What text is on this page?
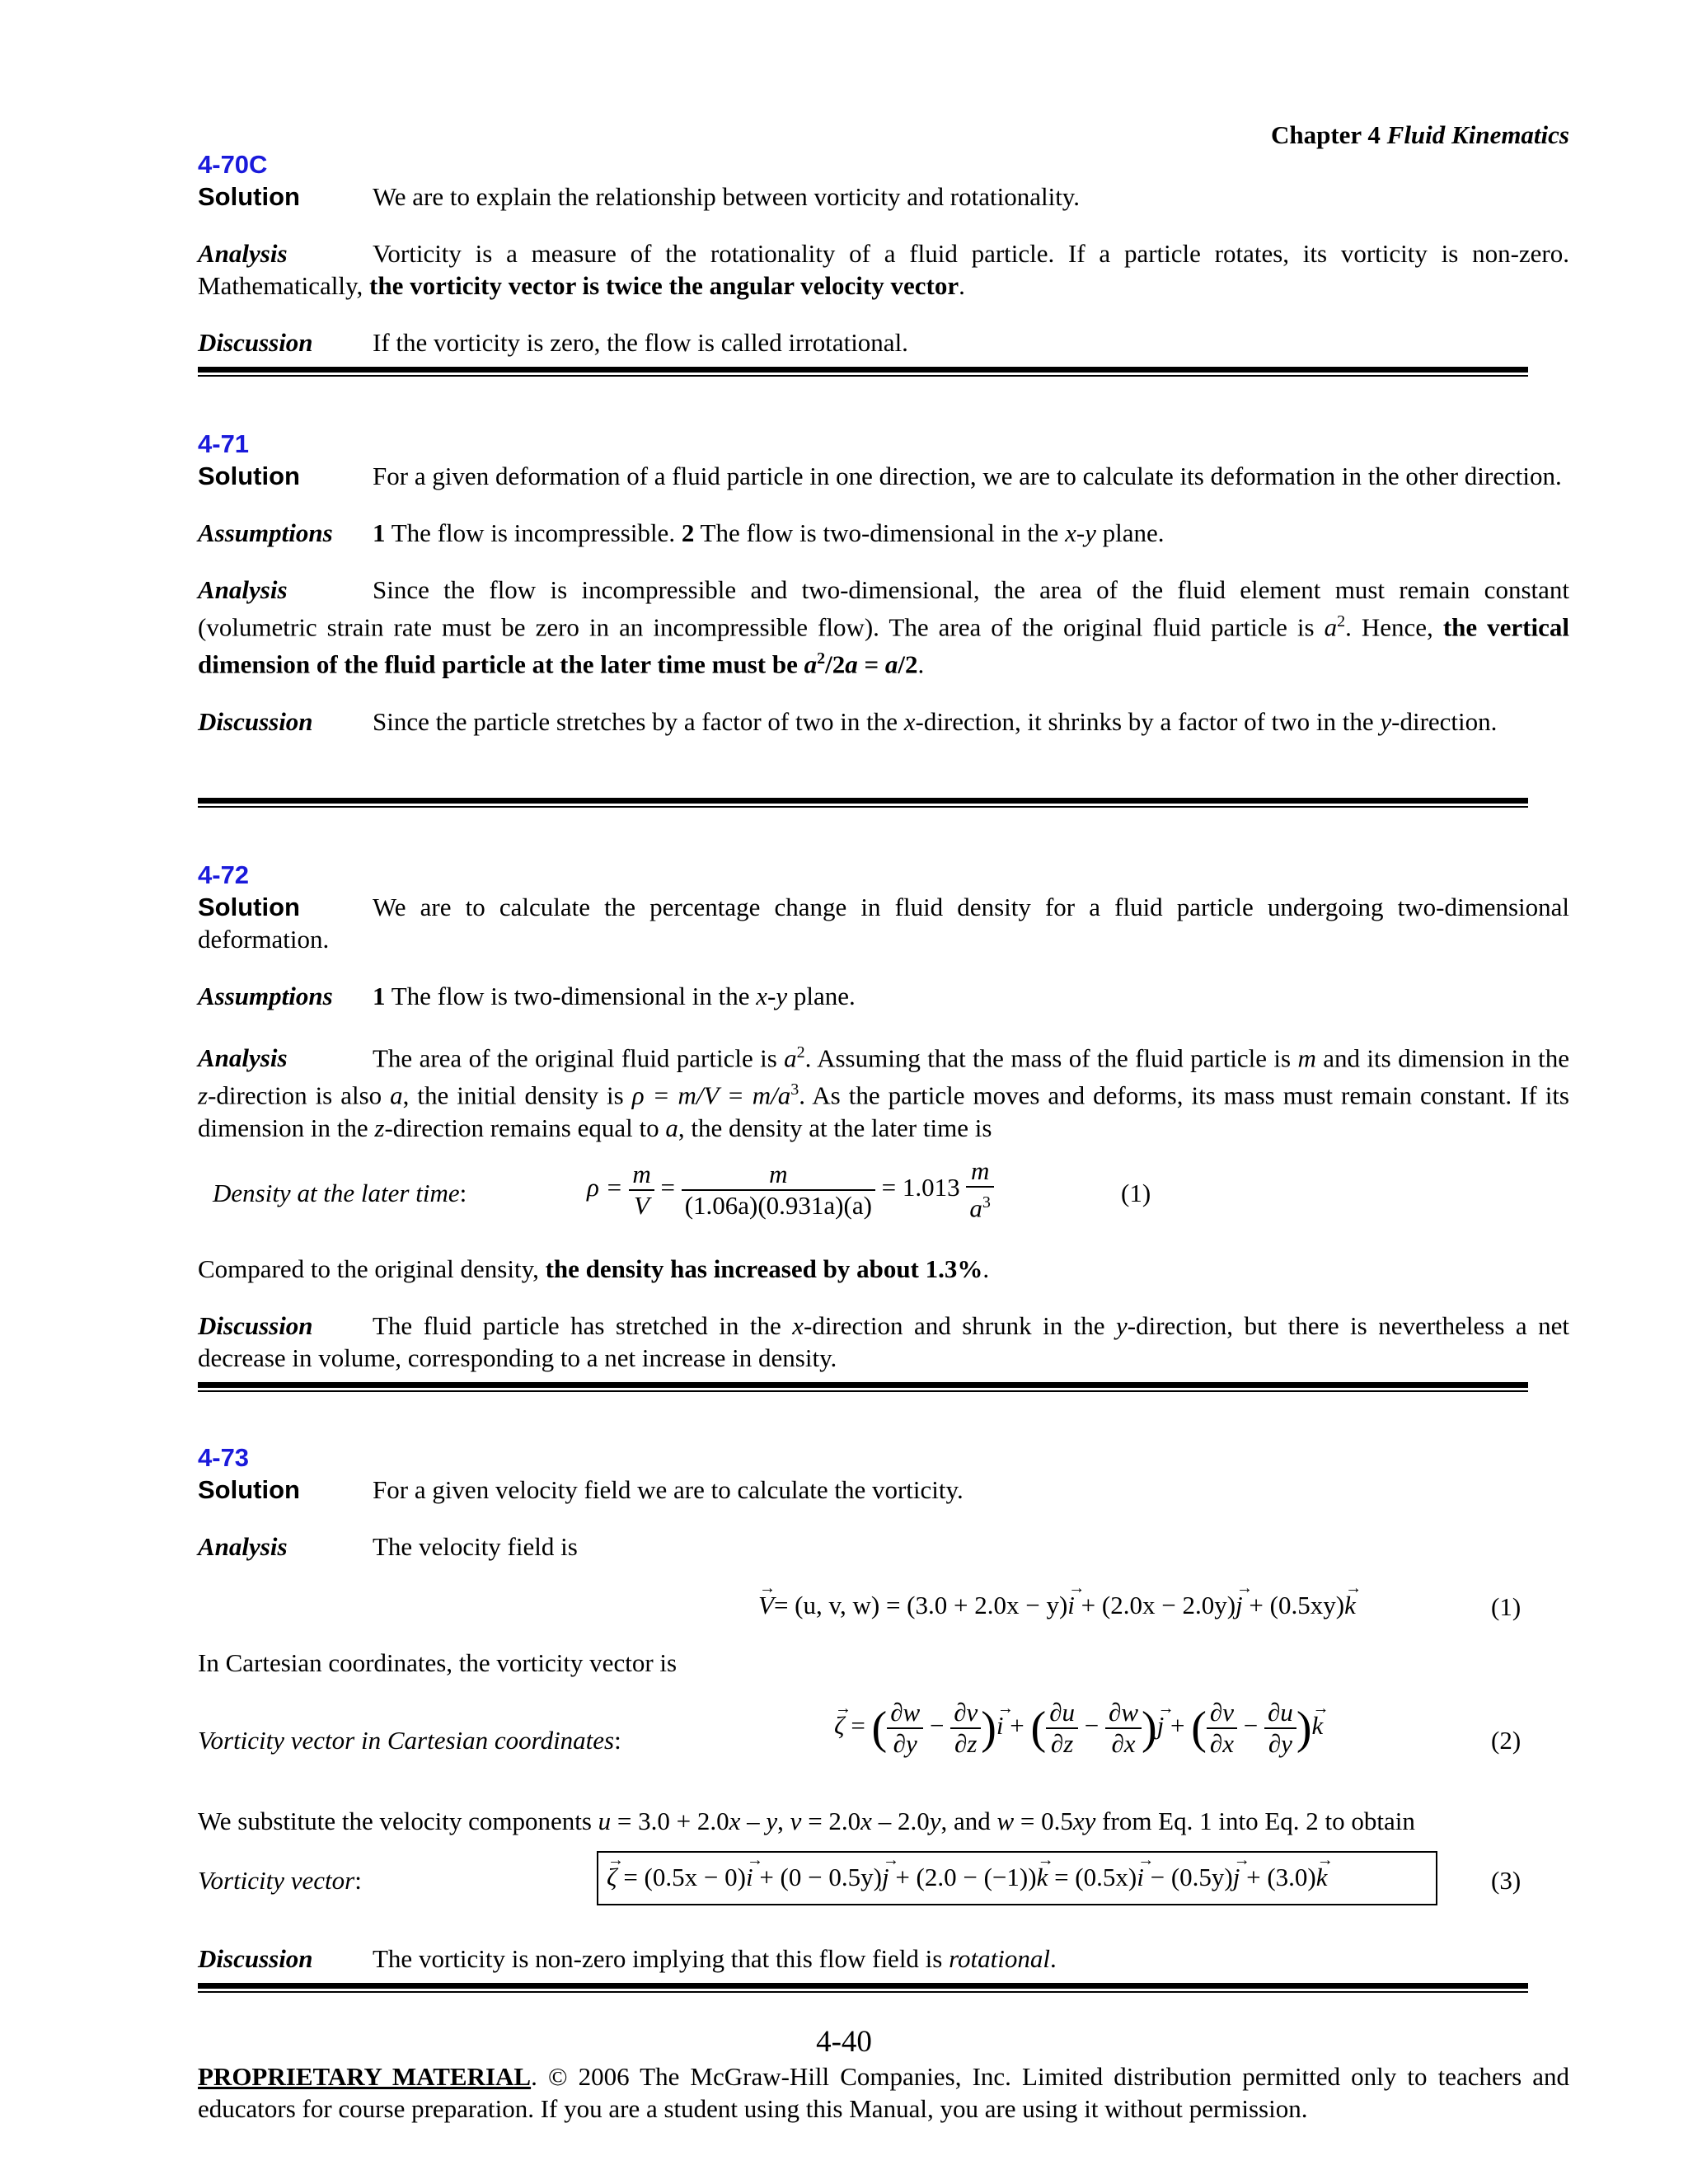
Chapter 4 Fluid Kinematics
4-70C
Solution	We are to explain the relationship between vorticity and rotationality.
Analysis	Vorticity is a measure of the rotationality of a fluid particle. If a particle rotates, its vorticity is non-zero. Mathematically, the vorticity vector is twice the angular velocity vector.
Discussion If the vorticity is zero, the flow is called irrotational.
4-71
Solution	For a given deformation of a fluid particle in one direction, we are to calculate its deformation in the other direction.
Assumptions 1 The flow is incompressible. 2 The flow is two-dimensional in the x-y plane.
Analysis	Since the flow is incompressible and two-dimensional, the area of the fluid element must remain constant (volumetric strain rate must be zero in an incompressible flow). The area of the original fluid particle is $a^2$. Hence, the vertical dimension of the fluid particle at the later time must be $a^2/2a = a/2$.
Discussion Since the particle stretches by a factor of two in the x-direction, it shrinks by a factor of two in the y-direction.
4-72
Solution	We are to calculate the percentage change in fluid density for a fluid particle undergoing two-dimensional deformation.
Assumptions 1 The flow is two-dimensional in the x-y plane.
Analysis	The area of the original fluid particle is $a^2$. Assuming that the mass of the fluid particle is m and its dimension in the z-direction is also a, the initial density is $\rho = m/V = m/a^3$. As the particle moves and deforms, its mass must remain constant. If its dimension in the z-direction remains equal to a, the density at the later time is
Density at the later time:	$\rho = \frac{m}{V} = \frac{m}{(1.06a)(0.931a)(a)} = 1.013 \frac{m}{a^3}$	(1)
Compared to the original density, the density has increased by about 1.3%.
Discussion The fluid particle has stretched in the x-direction and shrunk in the y-direction, but there is nevertheless a net decrease in volume, corresponding to a net increase in density.
4-73
Solution	For a given velocity field we are to calculate the vorticity.
Analysis	The velocity field is
V →= (u, v, w) = (3.0 + 2.0x − y)i → + (2.0x − 2.0y)j → + (0.5xy)k →	(1)
In Cartesian coordinates, the vorticity vector is
Vorticity vector in Cartesian coordinates:
ζ → = ( $\frac{\partial w}{\partial y} - \frac{\partial v}{\partial z} )i$ → + ( $\frac{\partial u}{\partial z} - \frac{\partial w}{\partial x} )j$ → + ( $\frac{\partial v}{\partial x} - \frac{\partial u}{\partial y} )k$ →
(2)
We substitute the velocity components u = 3.0 + 2.0x – y, v = 2.0x – 2.0y, and w = 0.5xy from Eq. 1 into Eq. 2 to obtain
Vorticity vector:	ζ → = (0.5x − 0)i → + (0 − 0.5y)j → + (2.0 − (−1))k → = (0.5x)i → − (0.5y)j → + (3.0)k →	(3)
Discussion The vorticity is non-zero implying that this flow field is rotational.
4-40
PROPRIETARY MATERIAL. © 2006 The McGraw-Hill Companies, Inc. Limited distribution permitted only to teachers and educators for course preparation. If you are a student using this Manual, you are using it without permission.
